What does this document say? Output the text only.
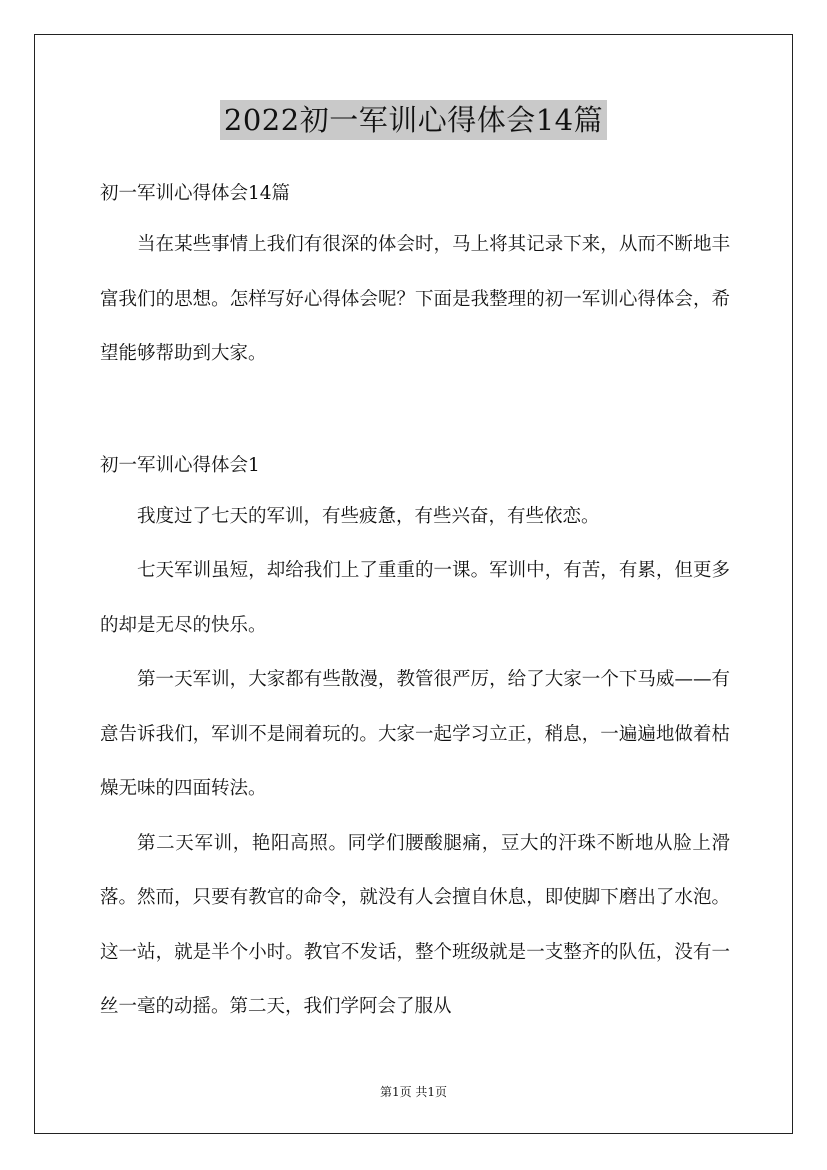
2022初一军训心得体会14篇

初一军训心得体会14篇

当在某些事情上我们有很深的体会时，马上将其记录下来，从而不断地丰富我们的思想。怎样写好心得体会呢？下面是我整理的初一军训心得体会，希望能够帮助到大家。

初一军训心得体会1

我度过了七天的军训，有些疲惫，有些兴奋，有些依恋。

七天军训虽短，却给我们上了重重的一课。军训中，有苦，有累，但更多的却是无尽的快乐。

第一天军训，大家都有些散漫，教管很严厉，给了大家一个下马威——有意告诉我们，军训不是闹着玩的。大家一起学习立正，稍息，一遍遍地做着枯燥无味的四面转法。

第二天军训，艳阳高照。同学们腰酸腿痛，豆大的汗珠不断地从脸上滑落。然而，只要有教官的命令，就没有人会擅自休息，即使脚下磨出了水泡。这一站，就是半个小时。教官不发话，整个班级就是一支整齐的队伍，没有一丝一毫的动摇。第二天，我们学阿会了服从

第1页 共1页
